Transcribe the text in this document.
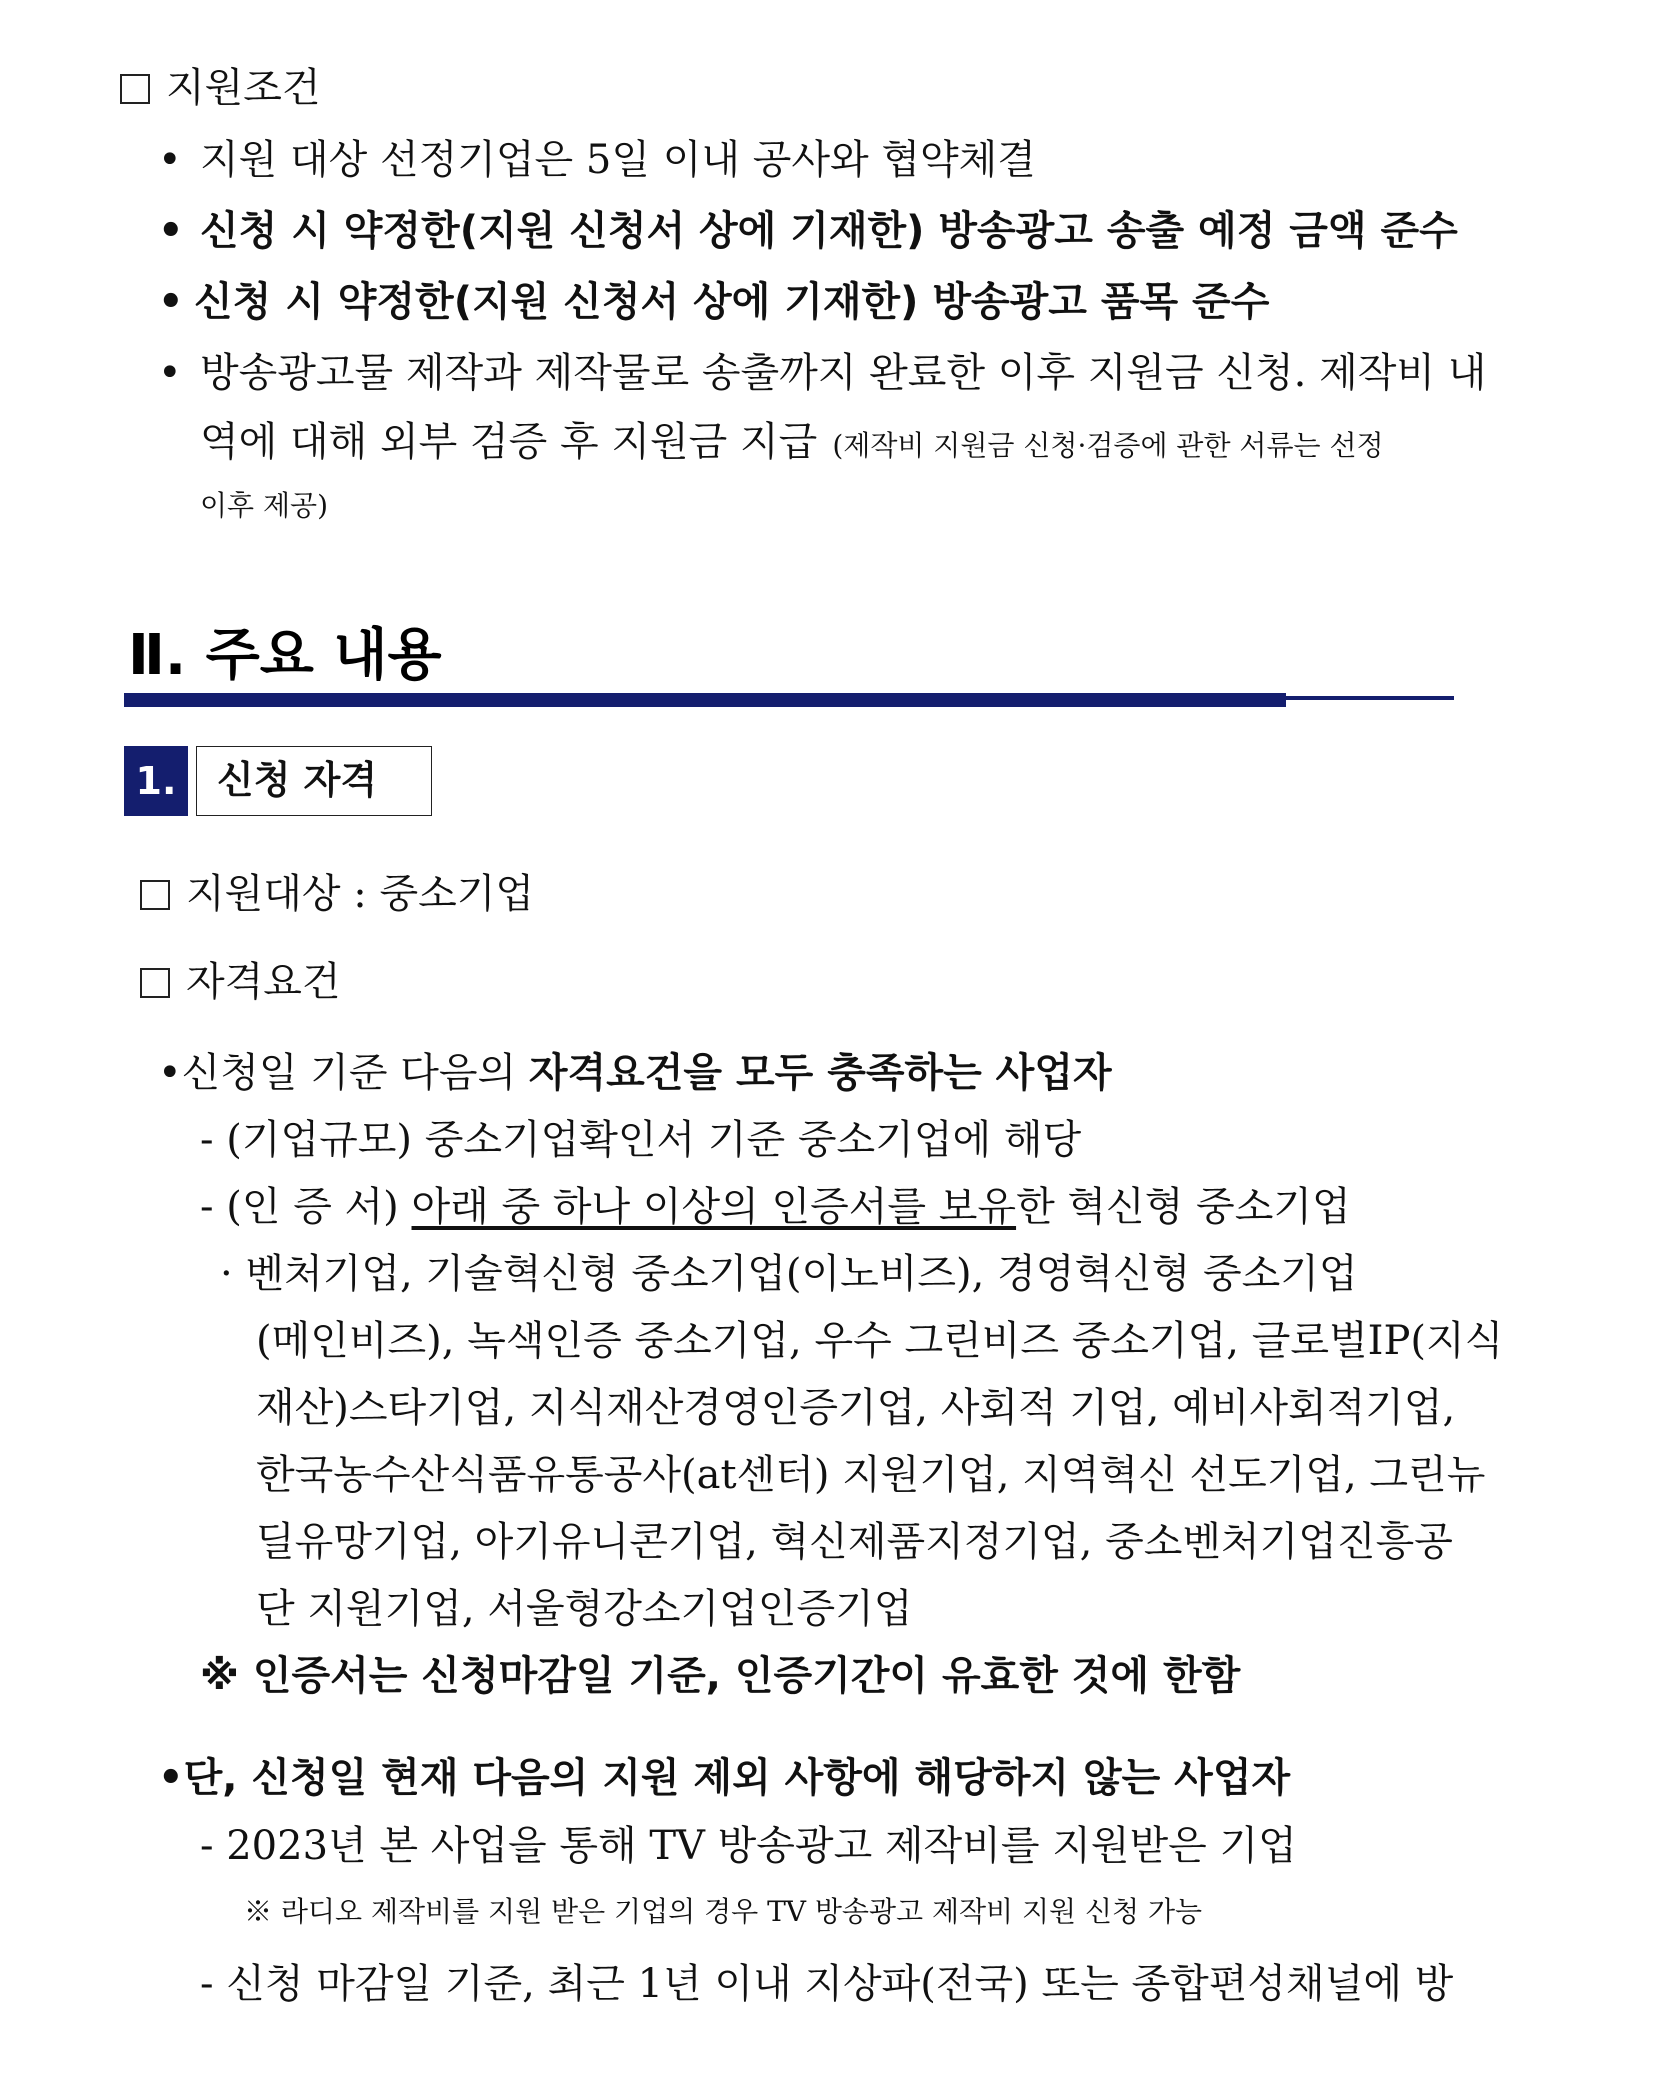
지원조건
• 지원 대상 선정기업은 5일 이내 공사와 협약체결
• 신청 시 약정한(지원 신청서 상에 기재한) 방송광고 송출 예정 금액 준수
• 신청 시 약정한(지원 신청서 상에 기재한) 방송광고 품목 준수
• 방송광고물 제작과 제작물로 송출까지 완료한 이후 지원금 신청. 제작비 내
역에 대해 외부 검증 후 지원금 지급 (제작비 지원금 신청·검증에 관한 서류는 선정
이후 제공)
Ⅱ. 주요 내용
1.	신청 자격
지원대상 : 중소기업
자격요건
•신청일 기준 다음의 자격요건을 모두 충족하는 사업자
- (기업규모) 중소기업확인서 기준 중소기업에 해당
- (인 증 서) 아래 중 하나 이상의 인증서를 보유한 혁신형 중소기업
· 벤처기업, 기술혁신형 중소기업(이노비즈), 경영혁신형 중소기업
(메인비즈), 녹색인증 중소기업, 우수 그린비즈 중소기업, 글로벌IP(지식
재산)스타기업, 지식재산경영인증기업, 사회적 기업, 예비사회적기업,
한국농수산식품유통공사(at센터) 지원기업, 지역혁신 선도기업, 그린뉴
딜유망기업, 아기유니콘기업, 혁신제품지정기업, 중소벤처기업진흥공
단 지원기업, 서울형강소기업인증기업
※ 인증서는 신청마감일 기준, 인증기간이 유효한 것에 한함
•단, 신청일 현재 다음의 지원 제외 사항에 해당하지 않는 사업자
- 2023년 본 사업을 통해 TV 방송광고 제작비를 지원받은 기업
※ 라디오 제작비를 지원 받은 기업의 경우 TV 방송광고 제작비 지원 신청 가능
- 신청 마감일 기준, 최근 1년 이내 지상파(전국) 또는 종합편성채널에 방
